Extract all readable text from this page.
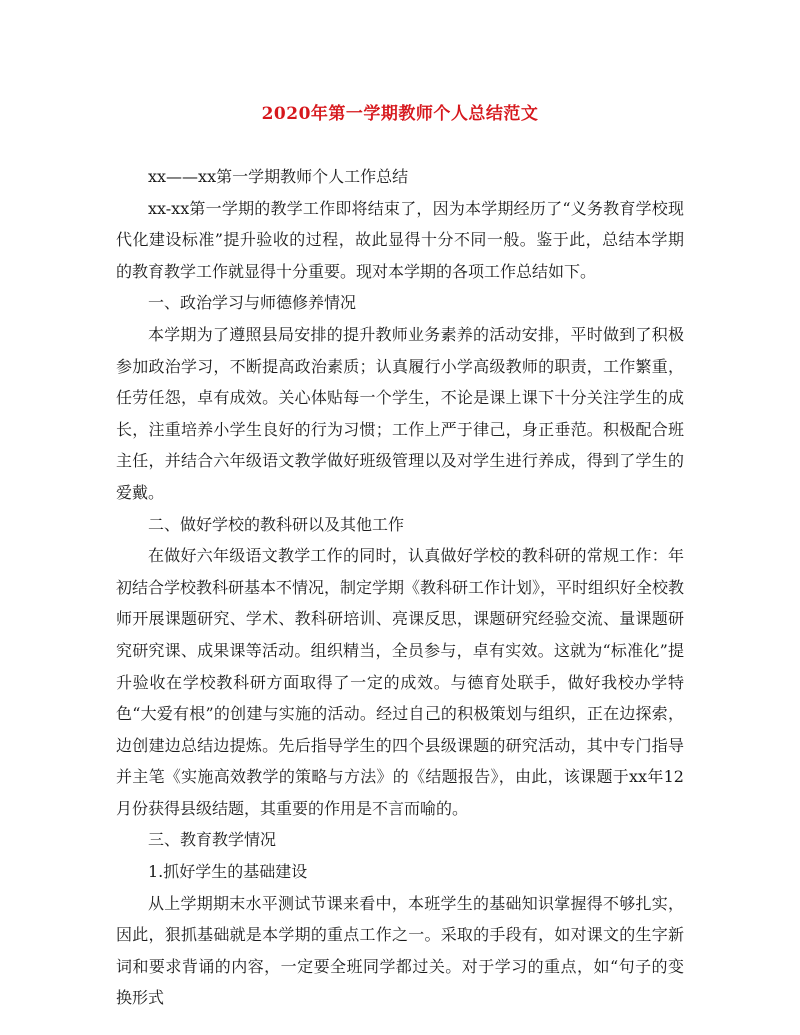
2020年第一学期教师个人总结范文

xx——xx第一学期教师个人工作总结

xx-xx第一学期的教学工作即将结束了，因为本学期经历了“义务教育学校现代化建设标准”提升验收的过程，故此显得十分不同一般。鉴于此，总结本学期的教育教学工作就显得十分重要。现对本学期的各项工作总结如下。

一、政治学习与师德修养情况

本学期为了遵照县局安排的提升教师业务素养的活动安排，平时做到了积极参加政治学习，不断提高政治素质；认真履行小学高级教师的职责，工作繁重，任劳任怨，卓有成效。关心体贴每一个学生，不论是课上课下十分关注学生的成长，注重培养小学生良好的行为习惯；工作上严于律己，身正垂范。积极配合班主任，并结合六年级语文教学做好班级管理以及对学生进行养成，得到了学生的爱戴。

二、做好学校的教科研以及其他工作

在做好六年级语文教学工作的同时，认真做好学校的教科研的常规工作：年初结合学校教科研基本不情况，制定学期《教科研工作计划》，平时组织好全校教师开展课题研究、学术、教科研培训、亮课反思，课题研究经验交流、量课题研究研究课、成果课等活动。组织精当，全员参与，卓有实效。这就为“标准化”提升验收在学校教科研方面取得了一定的成效。与德育处联手，做好我校办学特色“大爱有根”的创建与实施的活动。经过自己的积极策划与组织，正在边探索，边创建边总结边提炼。先后指导学生的四个县级课题的研究活动，其中专门指导并主笔《实施高效教学的策略与方法》的《结题报告》，由此，该课题于xx年12月份获得县级结题，其重要的作用是不言而喻的。

三、教育教学情况

1.抓好学生的基础建设

从上学期期末水平测试节课来看中，本班学生的基础知识掌握得不够扎实，因此，狠抓基础就是本学期的重点工作之一。采取的手段有，如对课文的生字新词和要求背诵的内容，一定要全班同学都过关。对于学习的重点，如“句子的变换形式
